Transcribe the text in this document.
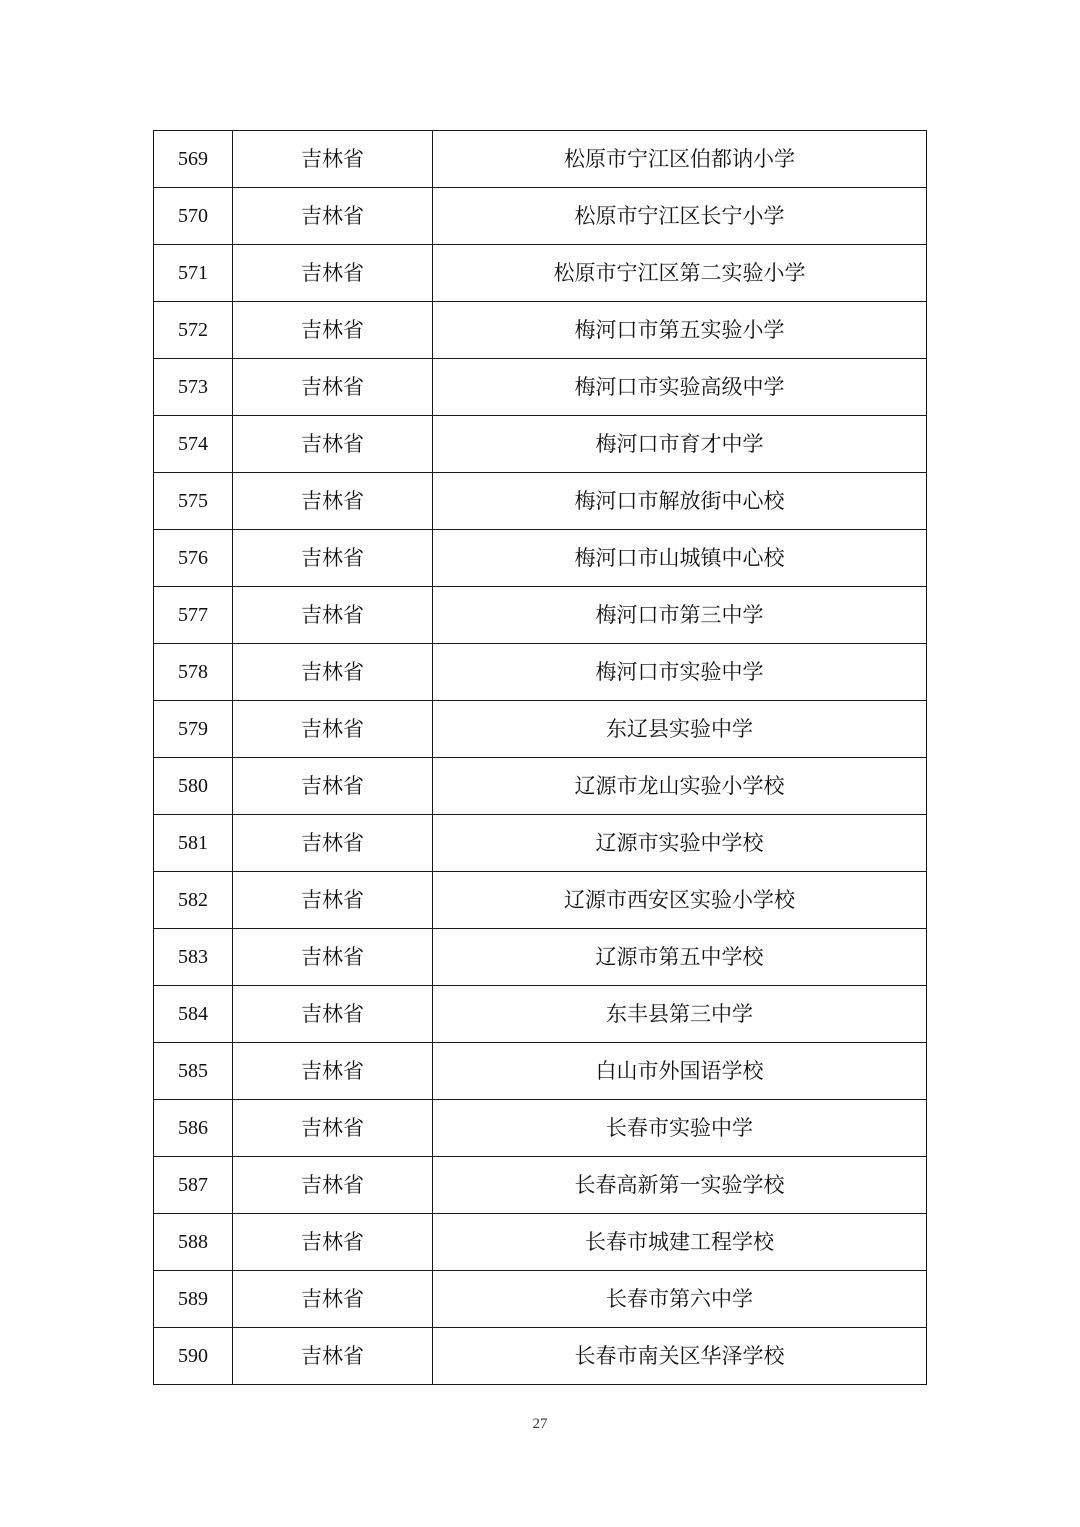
569	吉林省	松原市宁江区伯都讷小学
570	吉林省	松原市宁江区长宁小学
571	吉林省	松原市宁江区第二实验小学
572	吉林省	梅河口市第五实验小学
573	吉林省	梅河口市实验高级中学
574	吉林省	梅河口市育才中学
575	吉林省	梅河口市解放街中心校
576	吉林省	梅河口市山城镇中心校
577	吉林省	梅河口市第三中学
578	吉林省	梅河口市实验中学
579	吉林省	东辽县实验中学
580	吉林省	辽源市龙山实验小学校
581	吉林省	辽源市实验中学校
582	吉林省	辽源市西安区实验小学校
583	吉林省	辽源市第五中学校
584	吉林省	东丰县第三中学
585	吉林省	白山市外国语学校
586	吉林省	长春市实验中学
587	吉林省	长春高新第一实验学校
588	吉林省	长春市城建工程学校
589	吉林省	长春市第六中学
590	吉林省	长春市南关区华泽学校
27
